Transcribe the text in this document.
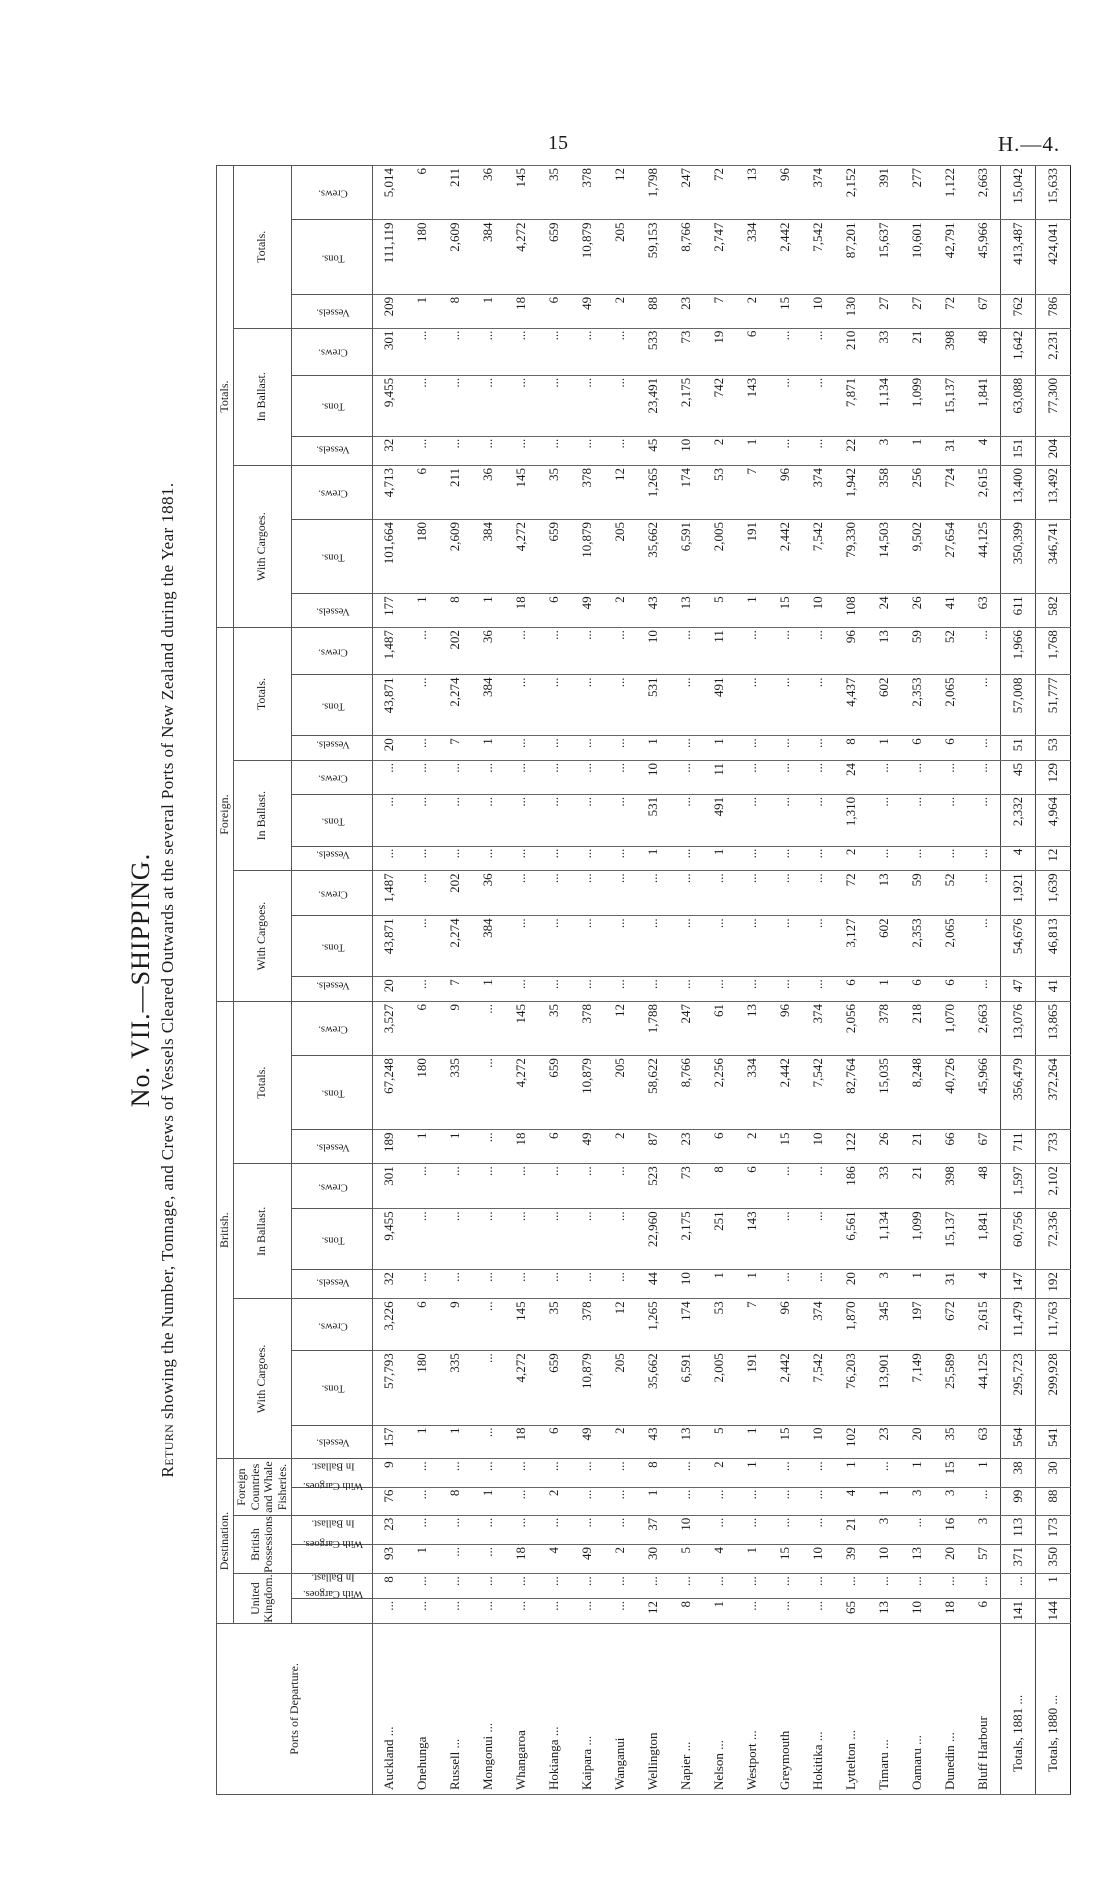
15	H.—4.
No. VII.—SHIPPING.

Return showing the Number, Tonnage, and Crews of Vessels Cleared Outwards at the several Ports of New Zealand during the Year 1881.

Ports of Departure.	Destination.						British.									Foreign.									Totals.								
	United Kingdom.		British Possessions		Foreign Countries and Whale Fisheries.		With Cargoes.			In Ballast.			Totals.			With Cargoes.			In Ballast.			Totals.			With Cargoes.			In Ballast.			Totals.		
	With Cargoes.	In Ballast.	With Cargoes.	In Ballast.	With Cargoes.	In Ballast.	Vessels.	Tons.	Crews.	Vessels.	Tons.	Crews.	Vessels.	Tons.	Crews.	Vessels.	Tons.	Crews.	Vessels.	Tons.	Crews.	Vessels.	Tons.	Crews.	Vessels.	Tons.	Crews.	Vessels.	Tons.	Crews.	Vessels.	Tons.	Crews.
Auckland ...	...	8	93	23	76	9	157	57,793	3,226	32	9,455	301	189	67,248	3,527	20	43,871	1,487	...	...	...	20	43,871	1,487	177	101,664	4,713	32	9,455	301	209	111,119	5,014
Onehunga	...	...	1	...	...	...	1	180	6	...	...	...	1	180	6	...	...	...	...	...	...	...	...	...	1	180	6	...	...	...	1	180	6
Russell ...	...	...	...	...	8	...	1	335	9	...	...	...	1	335	9	7	2,274	202	...	...	...	7	2,274	202	8	2,609	211	...	...	...	8	2,609	211
Mongonui ...	...	...	...	...	1	...	...	...	...	...	...	...	...	...	...	1	384	36	...	...	...	1	384	36	1	384	36	...	...	...	1	384	36
Whangaroa	...	...	18	...	...	...	18	4,272	145	...	...	...	18	4,272	145	...	...	...	...	...	...	...	...	...	18	4,272	145	...	...	...	18	4,272	145
Hokianga ...	...	...	4	...	2	...	6	659	35	...	...	...	6	659	35	...	...	...	...	...	...	...	...	...	6	659	35	...	...	...	6	659	35
Kaipara ...	...	...	49	...	...	...	49	10,879	378	...	...	...	49	10,879	378	...	...	...	...	...	...	...	...	...	49	10,879	378	...	...	...	49	10,879	378
Wanganui	...	...	2	...	...	...	2	205	12	...	...	...	2	205	12	...	...	...	...	...	...	...	...	...	2	205	12	...	...	...	2	205	12
Wellington	12	...	30	37	1	8	43	35,662	1,265	44	22,960	523	87	58,622	1,788	...	...	...	1	531	10	1	531	10	43	35,662	1,265	45	23,491	533	88	59,153	1,798
Napier ...	8	...	5	10	...	...	13	6,591	174	10	2,175	73	23	8,766	247	...	...	...	...	...	...	...	...	...	13	6,591	174	10	2,175	73	23	8,766	247
Nelson ...	1	...	4	...	...	2	5	2,005	53	1	251	8	6	2,256	61	...	...	...	1	491	11	1	491	11	5	2,005	53	2	742	19	7	2,747	72
Westport ...	...	...	1	...	...	1	1	191	7	1	143	6	2	334	13	...	...	...	...	...	...	...	...	...	1	191	7	1	143	6	2	334	13
Greymouth	...	...	15	...	...	...	15	2,442	96	...	...	...	15	2,442	96	...	...	...	...	...	...	...	...	...	15	2,442	96	...	...	...	15	2,442	96
Hokitika ...	...	...	10	...	...	...	10	7,542	374	...	...	...	10	7,542	374	...	...	...	...	...	...	...	...	...	10	7,542	374	...	...	...	10	7,542	374
Lyttelton ...	65	...	39	21	4	1	102	76,203	1,870	20	6,561	186	122	82,764	2,056	6	3,127	72	2	1,310	24	8	4,437	96	108	79,330	1,942	22	7,871	210	130	87,201	2,152
Timaru ...	13	...	10	3	1	...	23	13,901	345	3	1,134	33	26	15,035	378	1	602	13	...	...	...	1	602	13	24	14,503	358	3	1,134	33	27	15,637	391
Oamaru ...	10	...	13	...	3	1	20	7,149	197	1	1,099	21	21	8,248	218	6	2,353	59	...	...	...	6	2,353	59	26	9,502	256	1	1,099	21	27	10,601	277
Dunedin ...	18	...	20	16	3	15	35	25,589	672	31	15,137	398	66	40,726	1,070	6	2,065	52	...	...	...	6	2,065	52	41	27,654	724	31	15,137	398	72	42,791	1,122
Bluff Harbour	6	...	57	3	...	1	63	44,125	2,615	4	1,841	48	67	45,966	2,663	...	...	...	...	...	...	...	...	...	63	44,125	2,615	4	1,841	48	67	45,966	2,663
Totals, 1881 ...	141	...	371	113	99	38	564	295,723	11,479	147	60,756	1,597	711	356,479	13,076	47	54,676	1,921	4	2,332	45	51	57,008	1,966	611	350,399	13,400	151	63,088	1,642	762	413,487	15,042
Totals, 1880 ...	144	1	350	173	88	30	541	299,928	11,763	192	72,336	2,102	733	372,264	13,865	41	46,813	1,639	12	4,964	129	53	51,777	1,768	582	346,741	13,492	204	77,300	2,231	786	424,041	15,633
